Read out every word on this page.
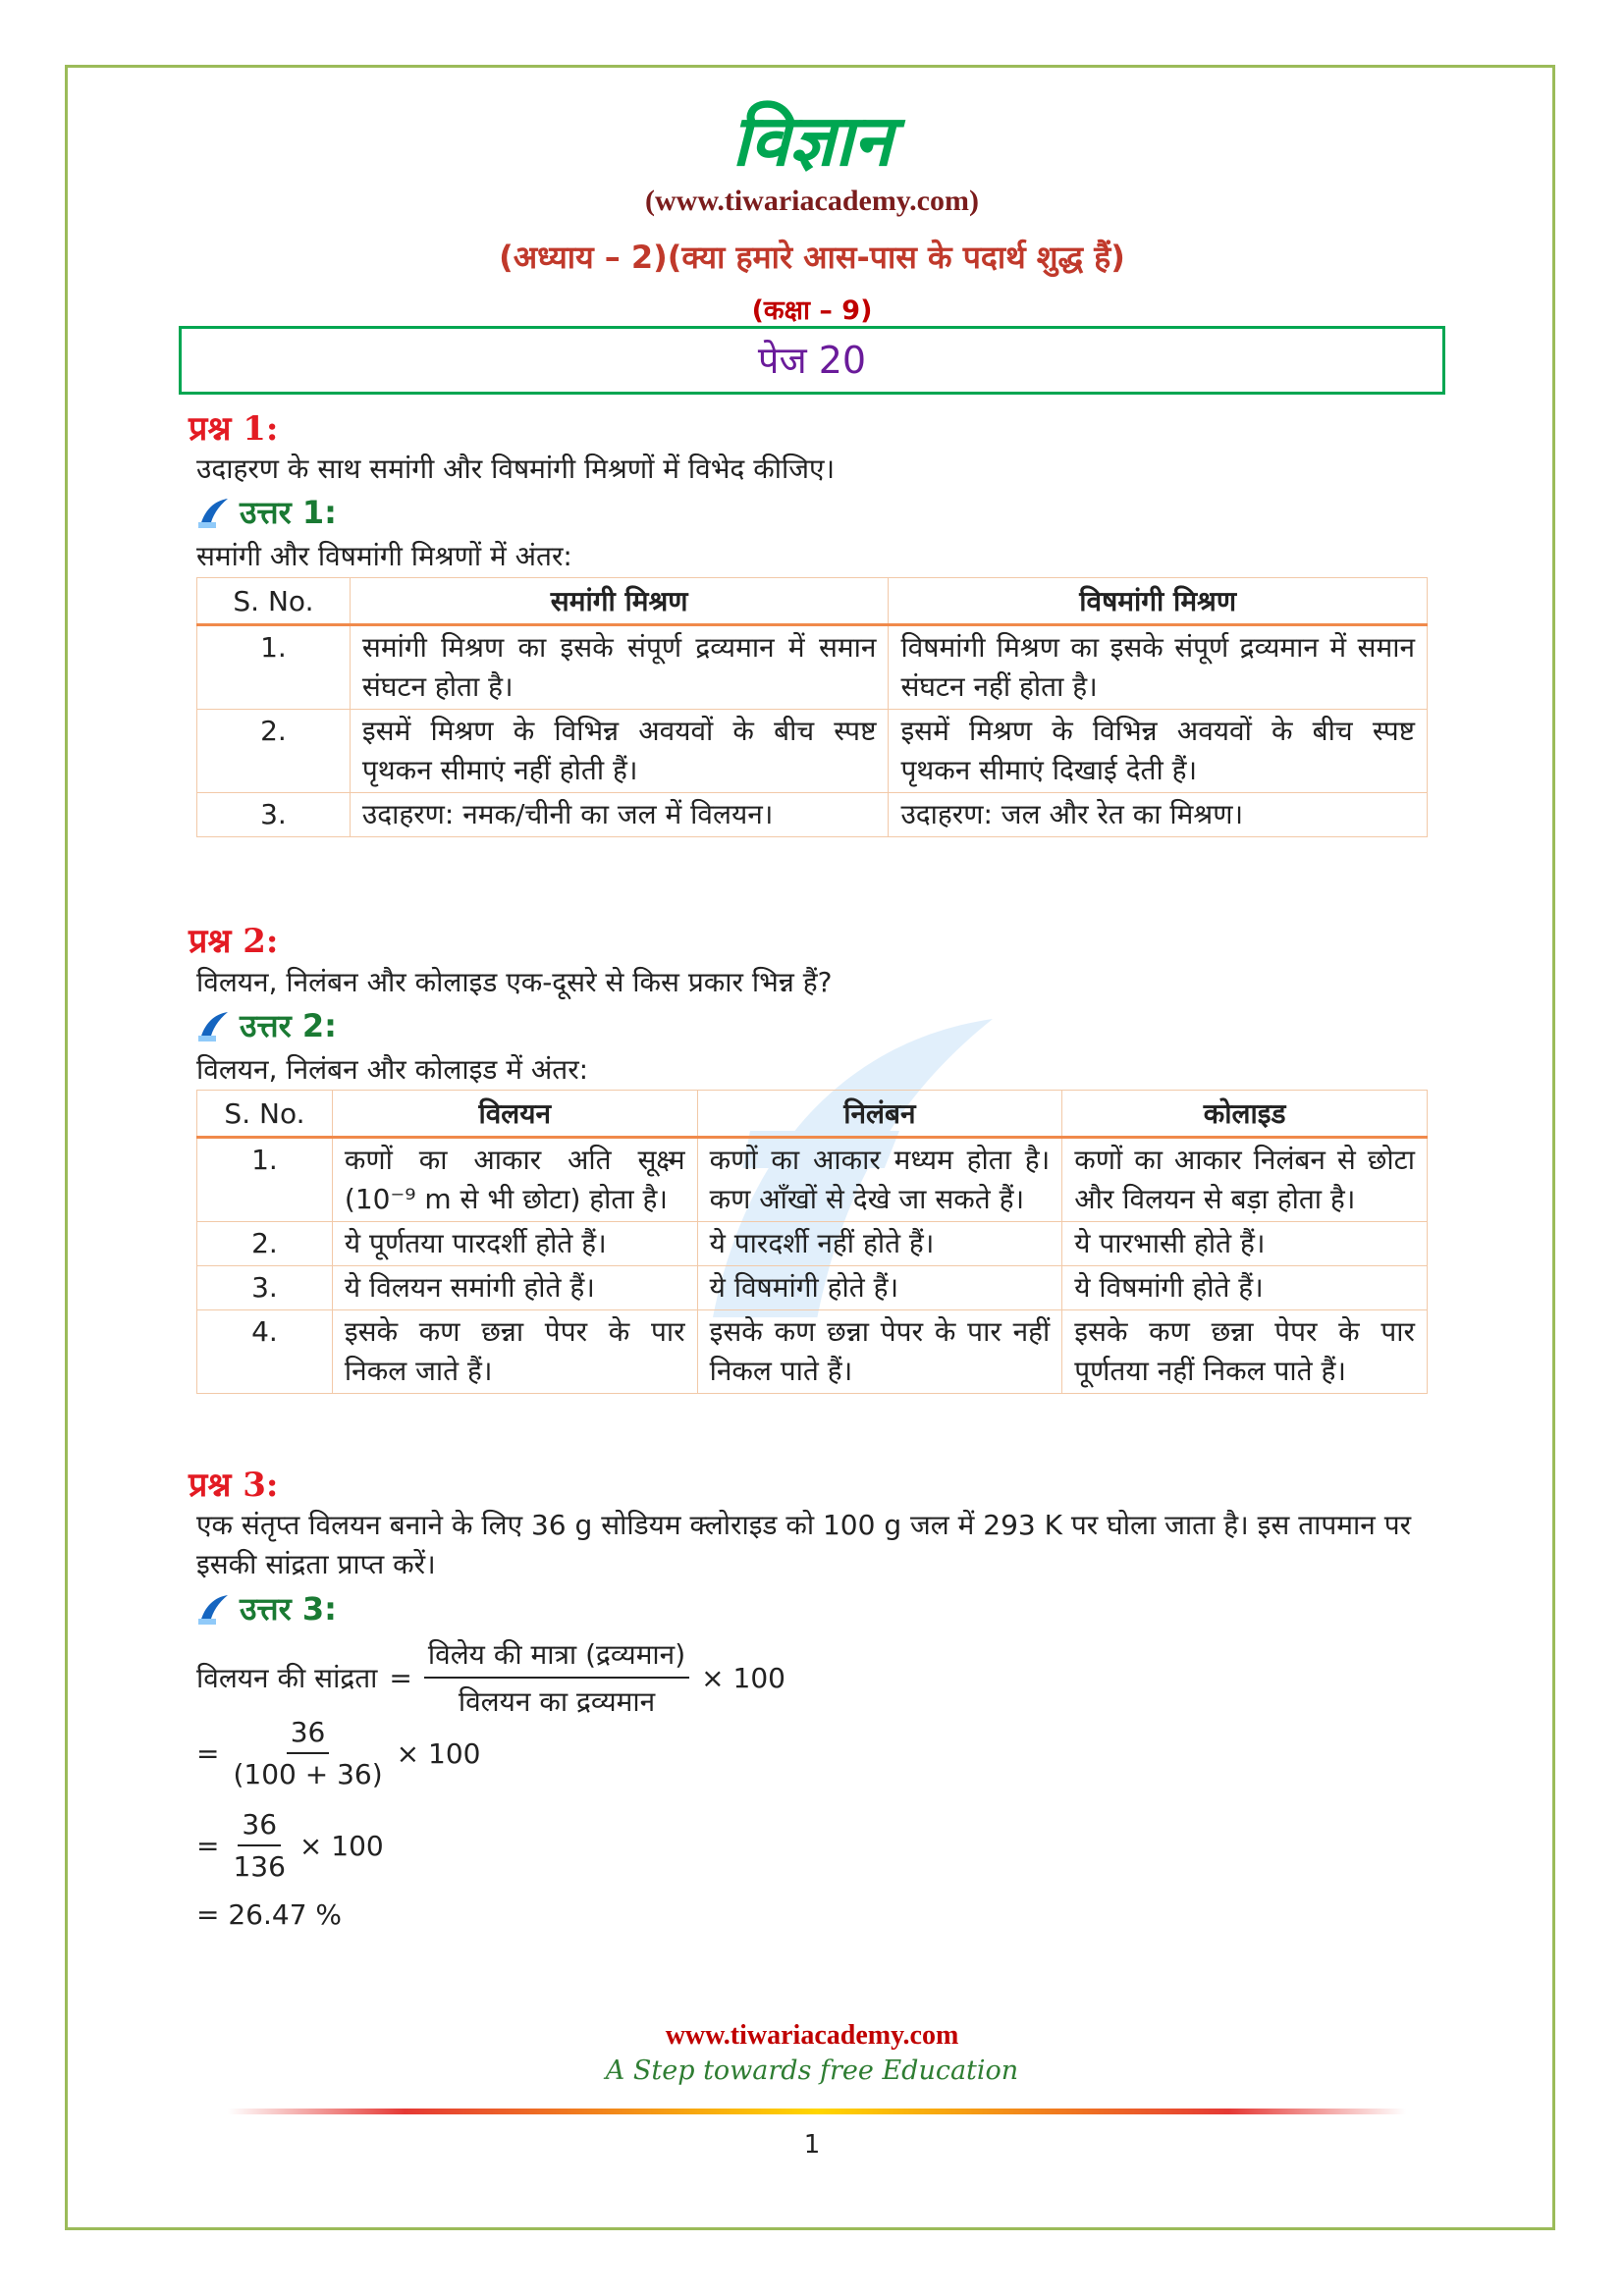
विज्ञान
(www.tiwariacademy.com)
(अध्याय – 2)(क्या हमारे आस-पास के पदार्थ शुद्ध हैं)
(कक्षा – 9)
पेज 20
प्रश्न 1:
उदाहरण के साथ समांगी और विषमांगी मिश्रणों में विभेद कीजिए।
उत्तर 1:
समांगी और विषमांगी मिश्रणों में अंतर:
S. No.	समांगी मिश्रण	विषमांगी मिश्रण
1.	समांगी मिश्रण का इसके संपूर्ण द्रव्यमान में समान संघटन होता है।	विषमांगी मिश्रण का इसके संपूर्ण द्रव्यमान में समान संघटन नहीं होता है।
2.	इसमें मिश्रण के विभिन्न अवयवों के बीच स्पष्ट पृथकन सीमाएं नहीं होती हैं।	इसमें मिश्रण के विभिन्न अवयवों के बीच स्पष्ट पृथकन सीमाएं दिखाई देती हैं।
3.	उदाहरण: नमक/चीनी का जल में विलयन।	उदाहरण: जल और रेत का मिश्रण।
प्रश्न 2:
विलयन, निलंबन और कोलाइड एक-दूसरे से किस प्रकार भिन्न हैं?
उत्तर 2:
विलयन, निलंबन और कोलाइड में अंतर:
S. No.	विलयन	निलंबन	कोलाइड
1.	कणों का आकार अति सूक्ष्म (10⁻⁹ m से भी छोटा) होता है।	कणों का आकार मध्यम होता है। कण आँखों से देखे जा सकते हैं।	कणों का आकार निलंबन से छोटा और विलयन से बड़ा होता है।
2.	ये पूर्णतया पारदर्शी होते हैं।	ये पारदर्शी नहीं होते हैं।	ये पारभासी होते हैं।
3.	ये विलयन समांगी होते हैं।	ये विषमांगी होते हैं।	ये विषमांगी होते हैं।
4.	इसके कण छन्ना पेपर के पार निकल जाते हैं।	इसके कण छन्ना पेपर के पार नहीं निकल पाते हैं।	इसके कण छन्ना पेपर के पार पूर्णतया नहीं निकल पाते हैं।
प्रश्न 3:
एक संतृप्त विलयन बनाने के लिए 36 g सोडियम क्लोराइड को 100 g जल में 293 K पर घोला जाता है। इस तापमान पर इसकी सांद्रता प्राप्त करें।
उत्तर 3:
विलयन की सांद्रता = $\frac{\text{विलेय की मात्रा (द्रव्यमान)}}{\text{विलयन का द्रव्यमान}} \times 100$
= $\frac{36}{(100 + 36)} \times 100$
= $\frac{36}{136} \times 100$
= 26.47 %
www.tiwariacademy.com
A Step towards free Education
1
